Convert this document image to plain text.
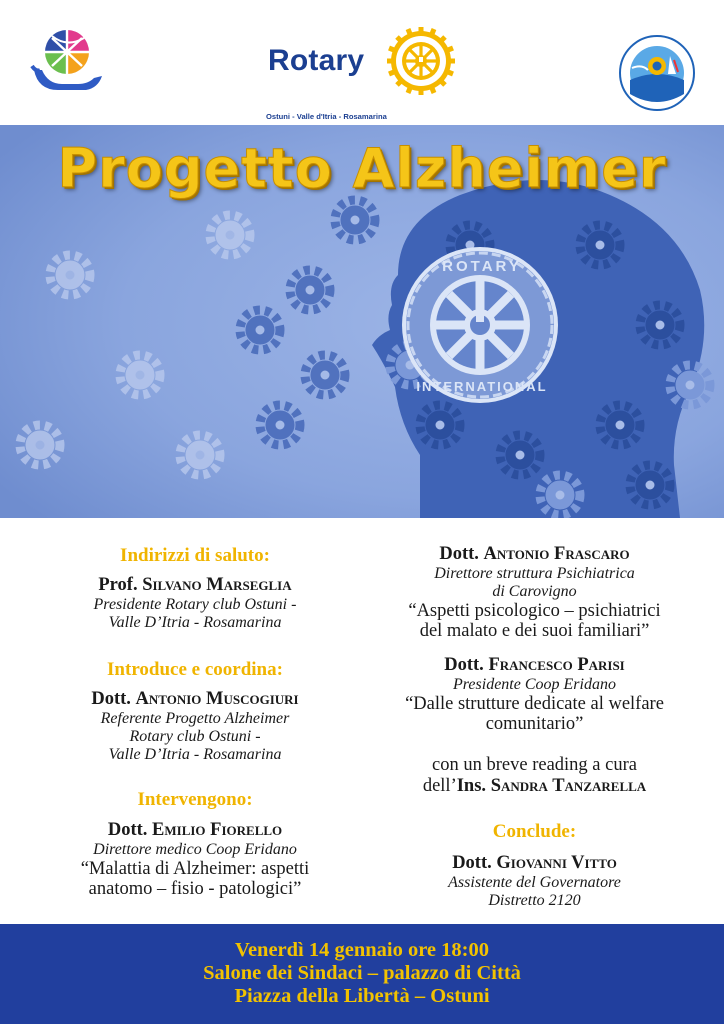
Rotary
Ostuni - Valle d'Itria - Rosamarina
ROTARY
INTERNATIONAL
Progetto Alzheimer
Indirizzi di saluto:
Prof. Silvano Marseglia
Presidente Rotary club Ostuni -
Valle D’Itria - Rosamarina
Introduce e coordina:
Dott. Antonio Muscogiuri
Referente Progetto Alzheimer
Rotary club Ostuni -
Valle D’Itria - Rosamarina
Intervengono:
Dott. Emilio Fiorello
Direttore medico Coop Eridano
“Malattia di Alzheimer: aspetti
anatomo – fisio - patologici”
Dott. Antonio Frascaro
Direttore struttura Psichiatrica
di Carovigno
“Aspetti psicologico – psichiatrici
del malato e dei suoi familiari”
Dott. Francesco Parisi
Presidente Coop Eridano
“Dalle strutture dedicate al welfare
comunitario”
con un breve reading a cura
dell’Ins. Sandra Tanzarella
Conclude:
Dott. Giovanni Vitto
Assistente del Governatore
Distretto 2120
Venerdì 14 gennaio ore 18:00
Salone dei Sindaci – palazzo di Città
Piazza della Libertà – Ostuni
